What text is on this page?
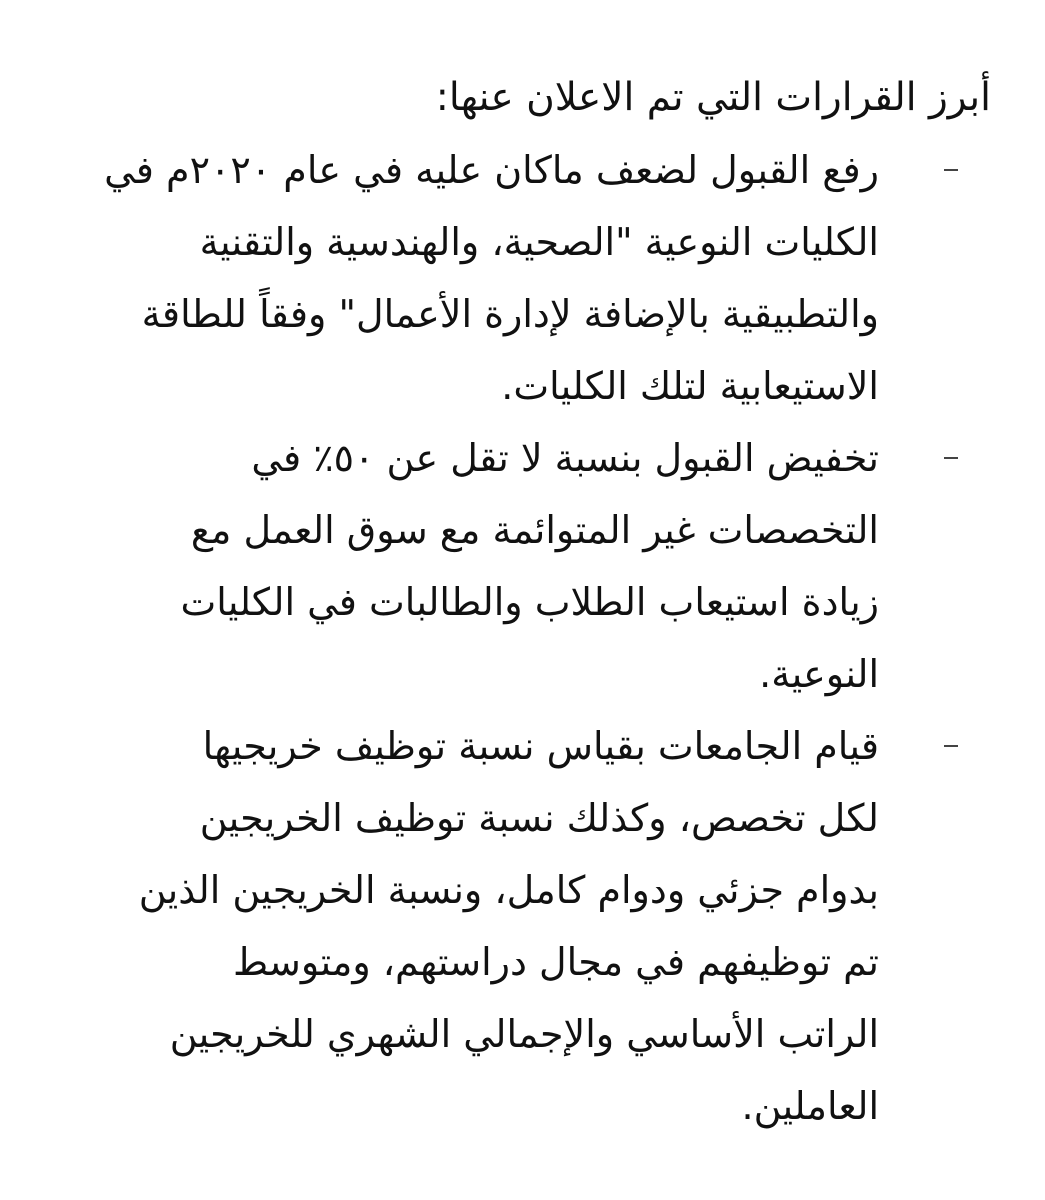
أبرز القرارات التي تم الاعلان عنها:
رفع القبول لضعف ماكان عليه في عام ٢٠٢٠م في
الكليات النوعية "الصحية، والهندسية والتقنية
والتطبيقية بالإضافة لإدارة الأعمال" وفقاً للطاقة
الاستيعابية لتلك الكليات.
تخفيض القبول بنسبة لا تقل عن ٥٠٪ في
التخصصات غير المتوائمة مع سوق العمل مع
زيادة استيعاب الطلاب والطالبات في الكليات
النوعية.
قيام الجامعات بقياس نسبة توظيف خريجيها
لكل تخصص، وكذلك نسبة توظيف الخريجين
بدوام جزئي ودوام كامل، ونسبة الخريجين الذين
تم توظيفهم في مجال دراستهم، ومتوسط
الراتب الأساسي والإجمالي الشهري للخريجين
العاملين.
